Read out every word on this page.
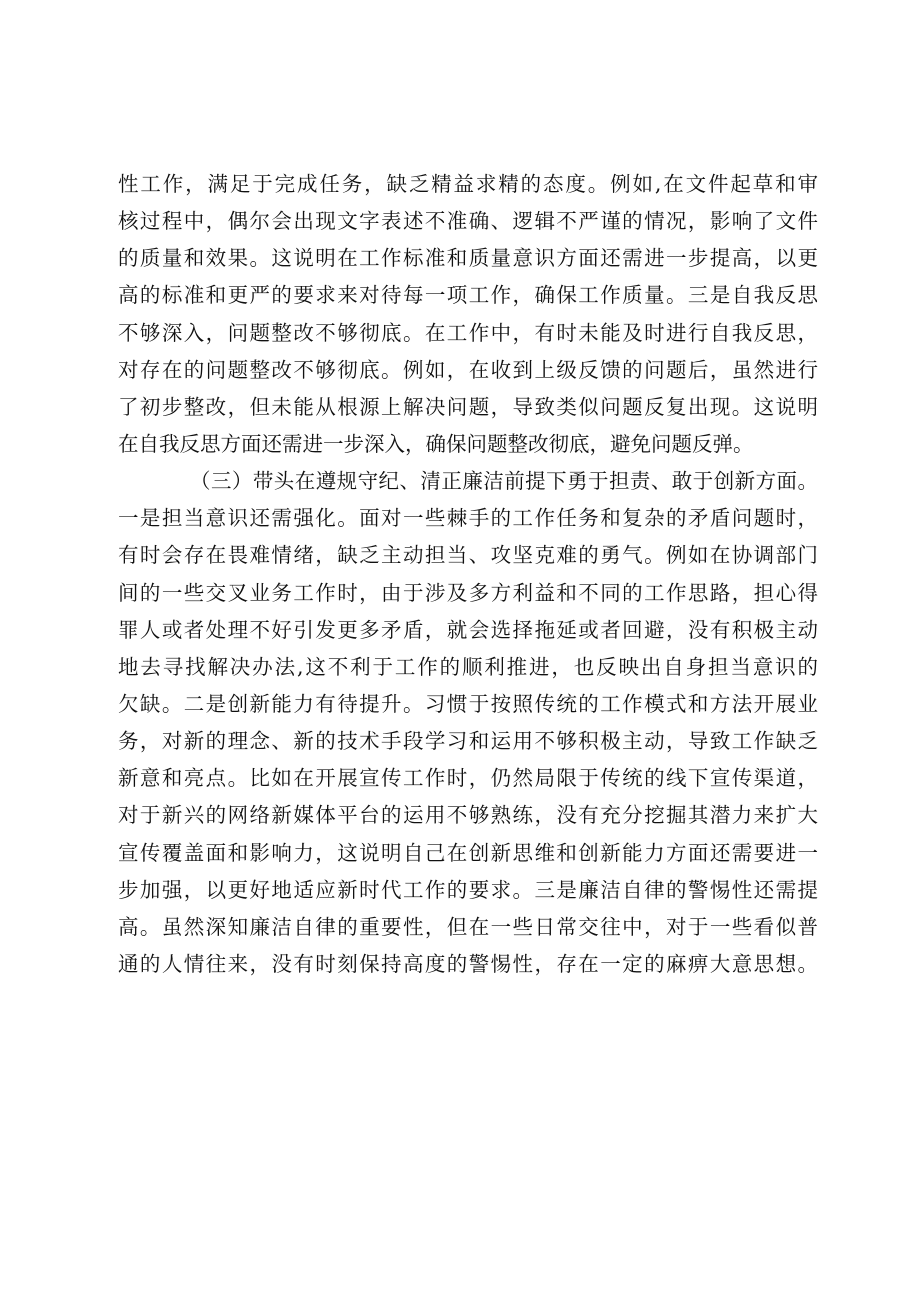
性工作，满足于完成任务，缺乏精益求精的态度。例如,在文件起草和审
核过程中，偶尔会出现文字表述不准确、逻辑不严谨的情况，影响了文件
的质量和效果。这说明在工作标准和质量意识方面还需进一步提高，以更
高的标准和更严的要求来对待每一项工作，确保工作质量。三是自我反思
不够深入，问题整改不够彻底。在工作中，有时未能及时进行自我反思，
对存在的问题整改不够彻底。例如，在收到上级反馈的问题后，虽然进行
了初步整改，但未能从根源上解决问题，导致类似问题反复出现。这说明
在自我反思方面还需进一步深入，确保问题整改彻底，避免问题反弹。
（三）带头在遵规守纪、清正廉洁前提下勇于担责、敢于创新方面。
一是担当意识还需强化。面对一些棘手的工作任务和复杂的矛盾问题时，
有时会存在畏难情绪，缺乏主动担当、攻坚克难的勇气。例如在协调部门
间的一些交叉业务工作时，由于涉及多方利益和不同的工作思路，担心得
罪人或者处理不好引发更多矛盾，就会选择拖延或者回避，没有积极主动
地去寻找解决办法,这不利于工作的顺利推进，也反映出自身担当意识的
欠缺。二是创新能力有待提升。习惯于按照传统的工作模式和方法开展业
务，对新的理念、新的技术手段学习和运用不够积极主动，导致工作缺乏
新意和亮点。比如在开展宣传工作时，仍然局限于传统的线下宣传渠道，
对于新兴的网络新媒体平台的运用不够熟练，没有充分挖掘其潜力来扩大
宣传覆盖面和影响力，这说明自己在创新思维和创新能力方面还需要进一
步加强，以更好地适应新时代工作的要求。三是廉洁自律的警惕性还需提
高。虽然深知廉洁自律的重要性，但在一些日常交往中，对于一些看似普
通的人情往来，没有时刻保持高度的警惕性，存在一定的麻痹大意思想。
